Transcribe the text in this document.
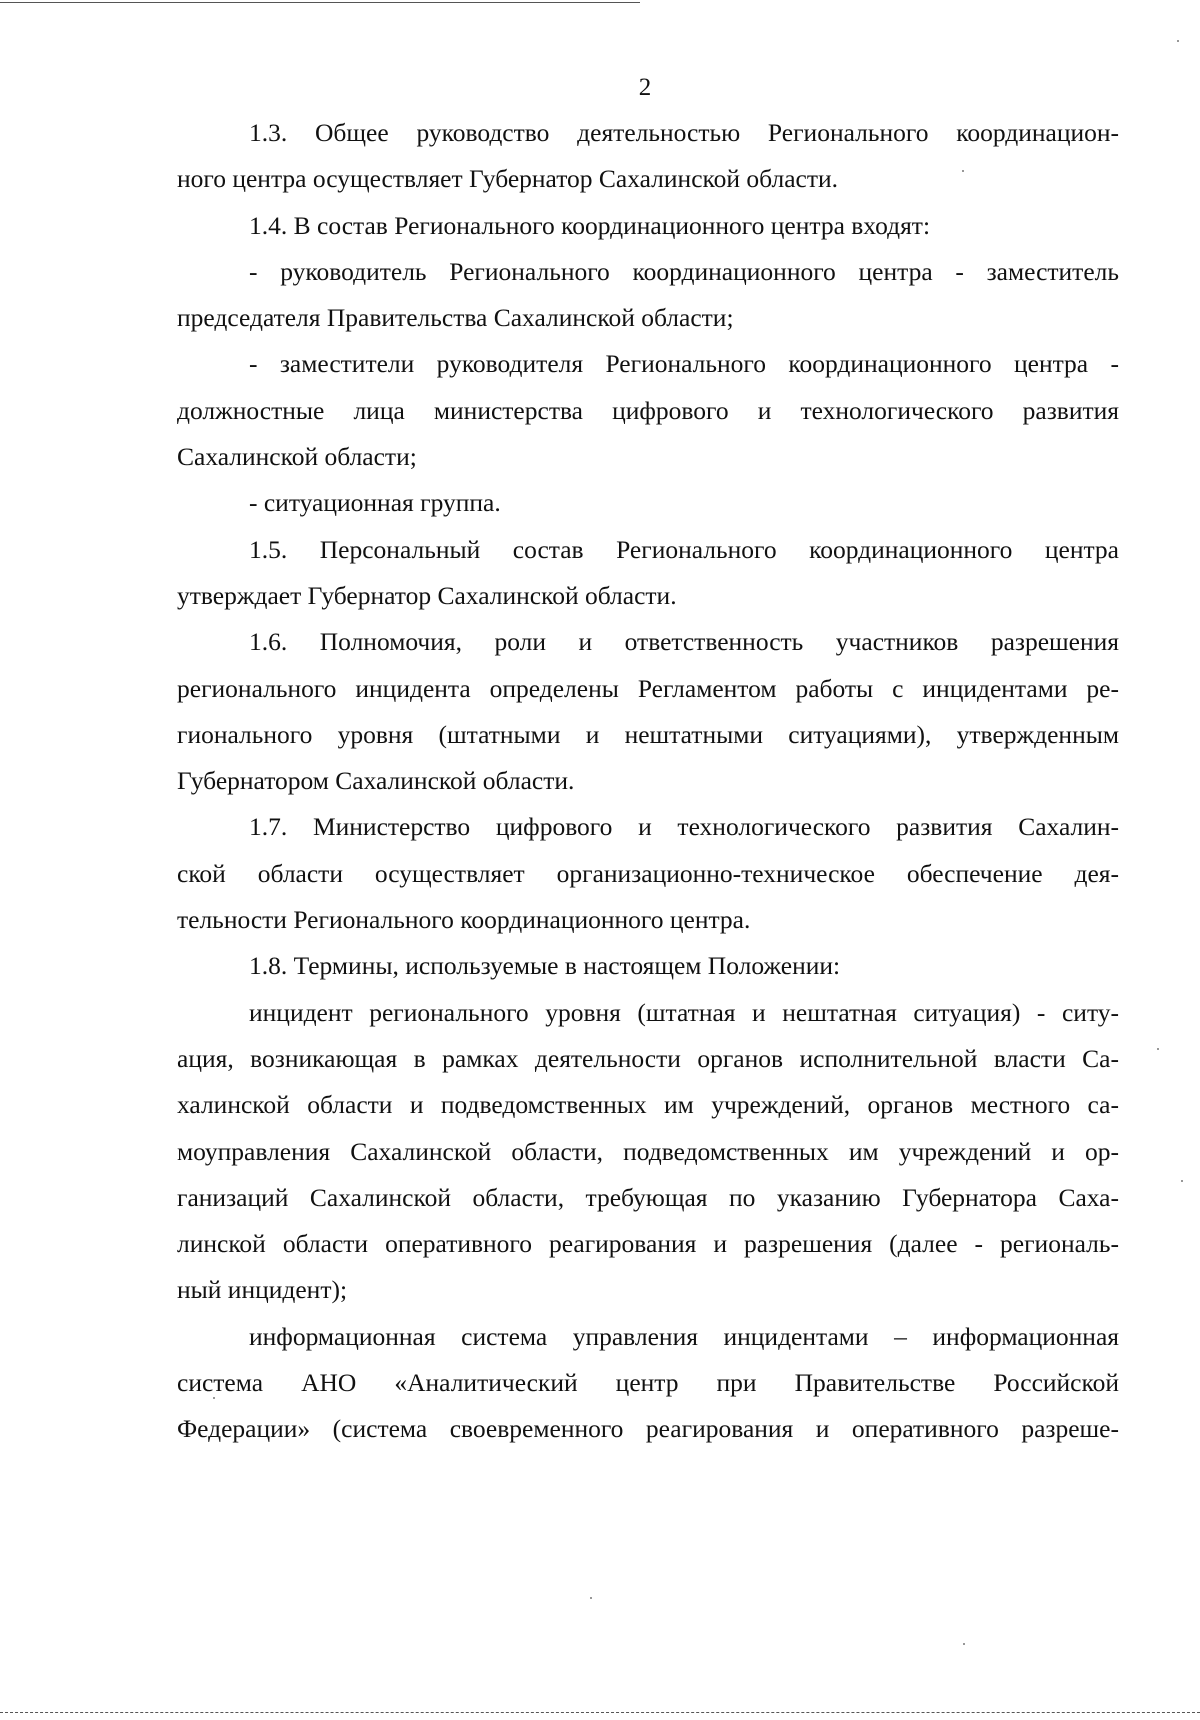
2
1.3. Общее руководство деятельностью Регионального координацион-
ного центра осуществляет Губернатор Сахалинской области.
1.4. В состав Регионального координационного центра входят:
- руководитель Регионального координационного центра - заместитель
председателя Правительства Сахалинской области;
- заместители руководителя Регионального координационного центра -
должностные лица министерства цифрового и технологического развития
Сахалинской области;
- ситуационная группа.
1.5. Персональный состав Регионального координационного центра
утверждает Губернатор Сахалинской области.
1.6. Полномочия, роли и ответственность участников разрешения
регионального инцидента определены Регламентом работы с инцидентами ре-
гионального уровня (штатными и нештатными ситуациями), утвержденным
Губернатором Сахалинской области.
1.7. Министерство цифрового и технологического развития Сахалин-
ской области осуществляет организационно-техническое обеспечение дея-
тельности Регионального координационного центра.
1.8. Термины, используемые в настоящем Положении:
инцидент регионального уровня (штатная и нештатная ситуация) - ситу-
ация, возникающая в рамках деятельности органов исполнительной власти Са-
халинской области и подведомственных им учреждений, органов местного са-
моуправления Сахалинской области, подведомственных им учреждений и ор-
ганизаций Сахалинской области, требующая по указанию Губернатора Саха-
линской области оперативного реагирования и разрешения (далее - региональ-
ный инцидент);
информационная система управления инцидентами – информационная
система АНО «Аналитический центр при Правительстве Российской
Федерации» (система своевременного реагирования и оперативного разреше-
